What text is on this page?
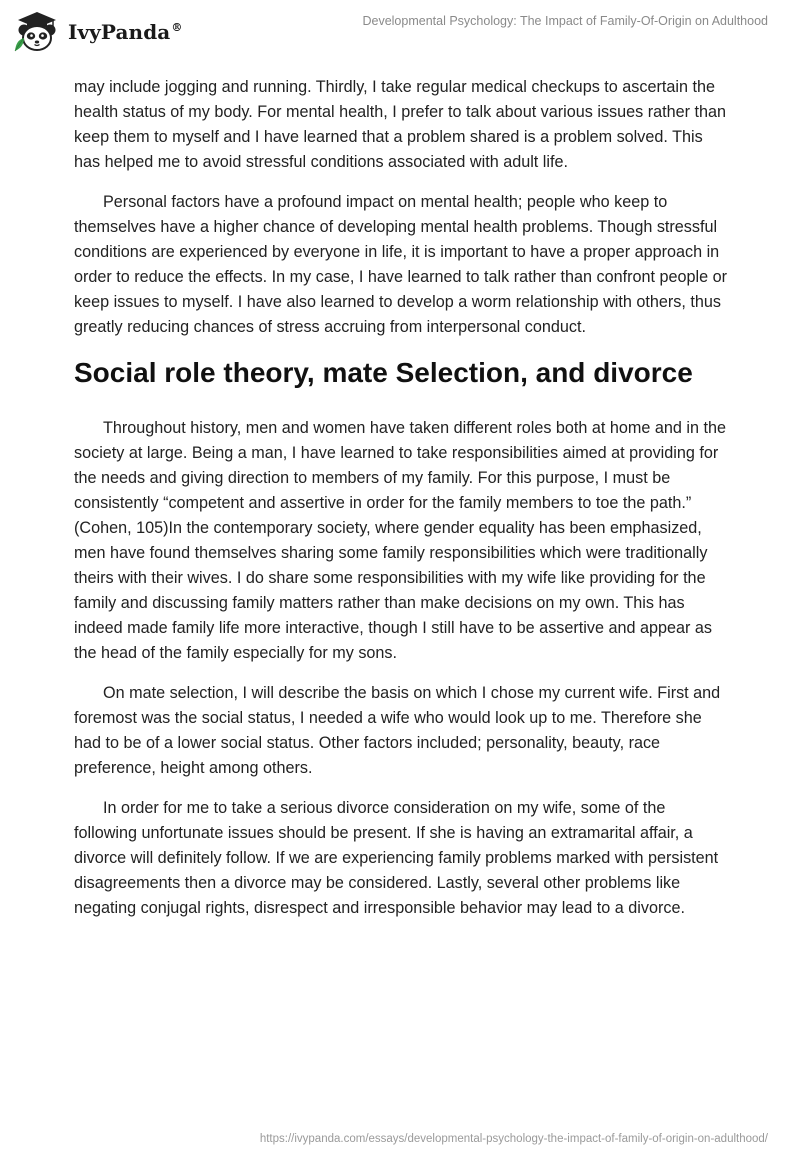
IvyPanda®	Developmental Psychology: The Impact of Family-Of-Origin on Adulthood

may include jogging and running. Thirdly, I take regular medical checkups to ascertain the health status of my body. For mental health, I prefer to talk about various issues rather than keep them to myself and I have learned that a problem shared is a problem solved. This has helped me to avoid stressful conditions associated with adult life.

Personal factors have a profound impact on mental health; people who keep to themselves have a higher chance of developing mental health problems. Though stressful conditions are experienced by everyone in life, it is important to have a proper approach in order to reduce the effects. In my case, I have learned to talk rather than confront people or keep issues to myself. I have also learned to develop a worm relationship with others, thus greatly reducing chances of stress accruing from interpersonal conduct.

Social role theory, mate Selection, and divorce

Throughout history, men and women have taken different roles both at home and in the society at large. Being a man, I have learned to take responsibilities aimed at providing for the needs and giving direction to members of my family. For this purpose, I must be consistently “competent and assertive in order for the family members to toe the path.” (Cohen, 105)In the contemporary society, where gender equality has been emphasized, men have found themselves sharing some family responsibilities which were traditionally theirs with their wives. I do share some responsibilities with my wife like providing for the family and discussing family matters rather than make decisions on my own. This has indeed made family life more interactive, though I still have to be assertive and appear as the head of the family especially for my sons.

On mate selection, I will describe the basis on which I chose my current wife. First and foremost was the social status, I needed a wife who would look up to me. Therefore she had to be of a lower social status. Other factors included; personality, beauty, race preference, height among others.

In order for me to take a serious divorce consideration on my wife, some of the following unfortunate issues should be present. If she is having an extramarital affair, a divorce will definitely follow. If we are experiencing family problems marked with persistent disagreements then a divorce may be considered. Lastly, several other problems like negating conjugal rights, disrespect and irresponsible behavior may lead to a divorce.

https://ivypanda.com/essays/developmental-psychology-the-impact-of-family-of-origin-on-adulthood/
